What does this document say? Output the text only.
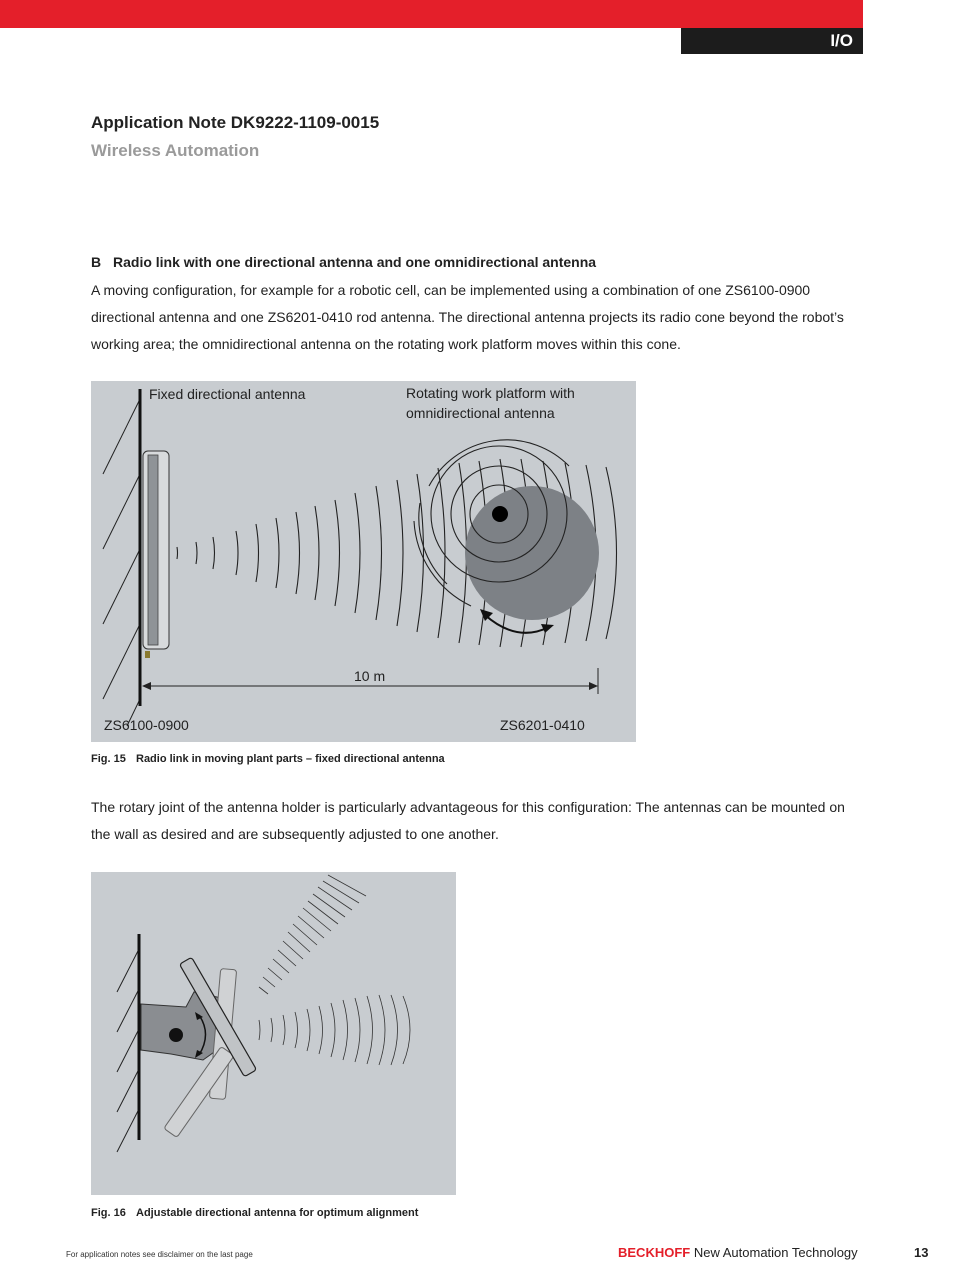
I/O
Application Note DK9222-1109-0015
Wireless Automation
B Radio link with one directional antenna and one omnidirectional antenna
A moving configuration, for example for a robotic cell, can be implemented using a combination of one ZS6100-0900 directional antenna and one ZS6201-0410 rod antenna. The directional antenna projects its radio cone beyond the robot’s working area; the omnidirectional antenna on the rotating work platform moves within this cone.
Fixed directional antenna	Rotating work platform with
omnidirectional antenna
10 m
ZS6100-0900	ZS6201-0410
Fig. 15 Radio link in moving plant parts – fixed directional antenna
The rotary joint of the antenna holder is particularly advantageous for this configuration: The antennas can be mounted on the wall as desired and are subsequently adjusted to one another.
Fig. 16 Adjustable directional antenna for optimum alignment
For application notes see disclaimer on the last page	BECKHOFF New Automation Technology	13
